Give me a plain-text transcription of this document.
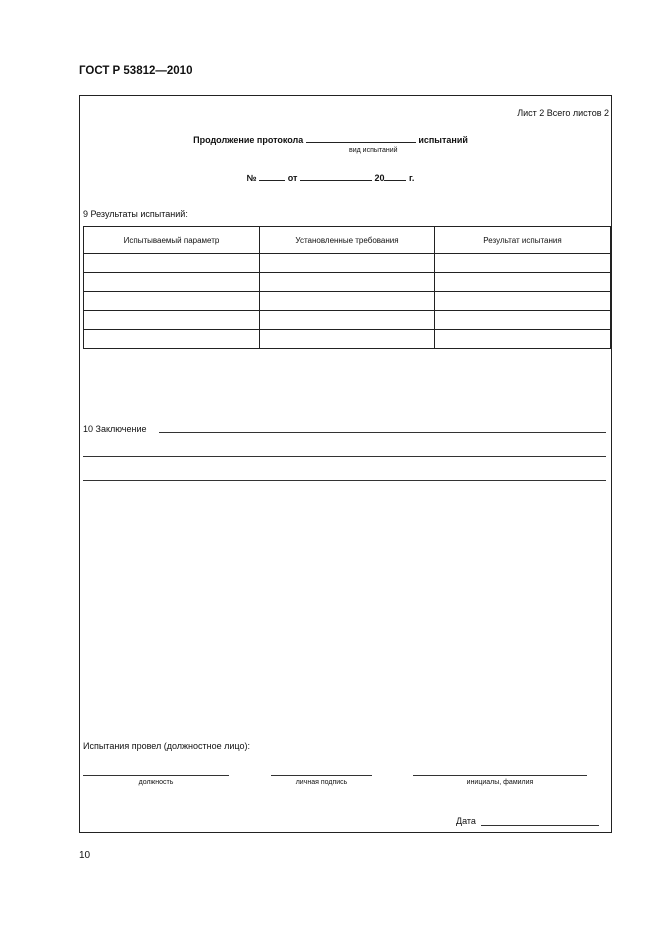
ГОСТ Р 53812—2010
Лист 2 Всего листов 2
Продолжение протокола	испытаний
вид испытаний
№	от	20	г.
9 Результаты испытаний:
Испытываемый параметр	Установленные требования	Результат испытания

10 Заключение
Испытания провел (должностное лицо):
должность	личная подпись	инициалы, фамилия
Дата
10
